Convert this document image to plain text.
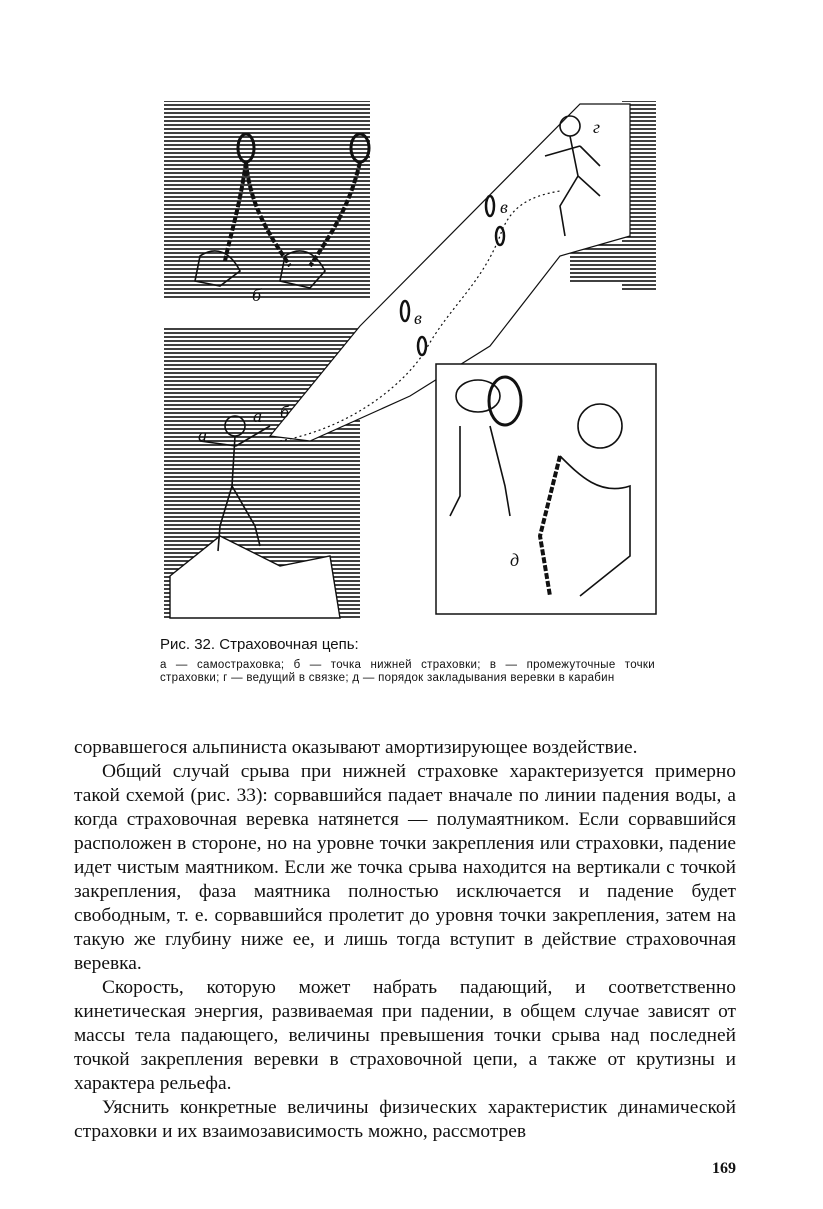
б
г
в
в
а
а б
д

Рис. 32. Страховочная цепь:

а — самостраховка; б — точка нижней страховки; в — промежуточные точки страховки; г — ведущий в связке; д — порядок закладывания веревки в карабин

сорвавшегося альпиниста оказывают амортизирующее воздействие.

Общий случай срыва при нижней страховке характеризуется примерно такой схемой (рис. 33): сорвавшийся падает вначале по линии падения воды, а когда страховочная веревка натянется — полумаятником. Если сорвавшийся расположен в стороне, но на уровне точки закрепления или страховки, падение идет чистым маятником. Если же точка срыва находится на вертикали с точкой закрепления, фаза маятника полностью исключается и падение будет свободным, т. е. сорвавшийся пролетит до уровня точки закрепления, затем на такую же глубину ниже ее, и лишь тогда вступит в действие страховочная веревка.

Скорость, которую может набрать падающий, и соответственно кинетическая энергия, развиваемая при падении, в общем случае зависят от массы тела падающего, величины превышения точки срыва над последней точкой закрепления веревки в страховочной цепи, а также от крутизны и характера рельефа.

Уяснить конкретные величины физических характеристик динамической страховки и их взаимозависимость можно, рассмотрев

169
